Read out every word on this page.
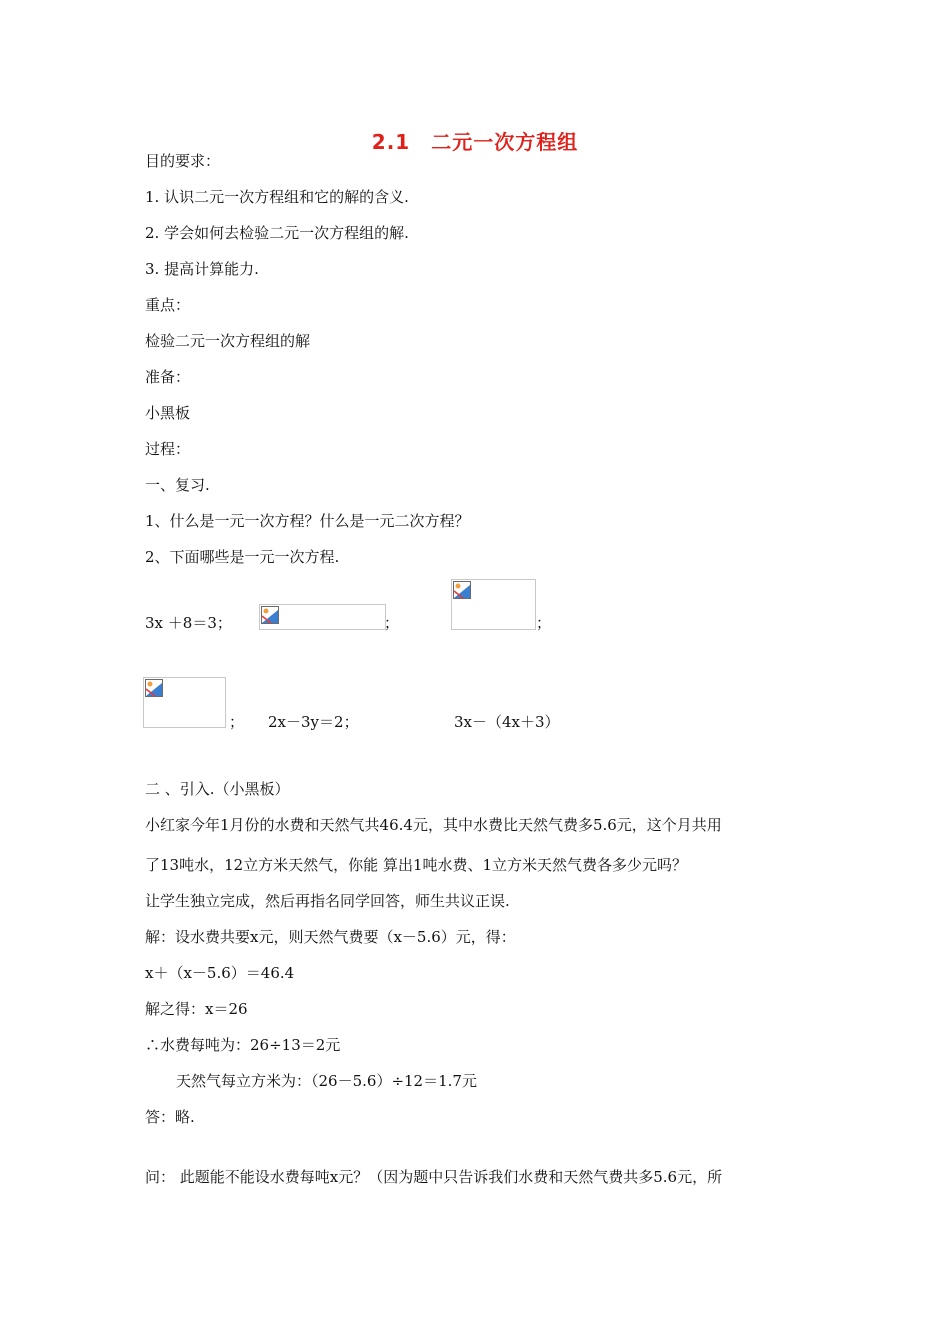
2.1　二元一次方程组
目的要求：
1. 认识二元一次方程组和它的解的含义.
2. 学会如何去检验二元一次方程组的解.
3. 提高计算能力.
重点：
检验二元一次方程组的解
准备：
小黑板
过程：
一、复习.
1、什么是一元一次方程？什么是一元二次方程？
2、下面哪些是一元一次方程.
3x ＋8＝3；	；	；
； 2x－3y＝2；	3x－（4x＋3）
二 、引入.（小黑板）
小红家今年1月份的水费和天然气共46.4元，其中水费比天然气费多5.6元，这个月共用
了13吨水，12立方米天然气，你能 算出1吨水费、1立方米天然气费各多少元吗？
让学生独立完成，然后再指名同学回答，师生共议正误.
解：设水费共要x元，则天然气费要（x－5.6）元，得：
x＋（x－5.6）＝46.4
解之得：x＝26
∴水费每吨为：26÷13＝2元
天然气每立方米为：（26－5.6）÷12＝1.7元
答：略.
问： 此题能不能设水费每吨x元？（因为题中只告诉我们水费和天然气费共多5.6元，所
